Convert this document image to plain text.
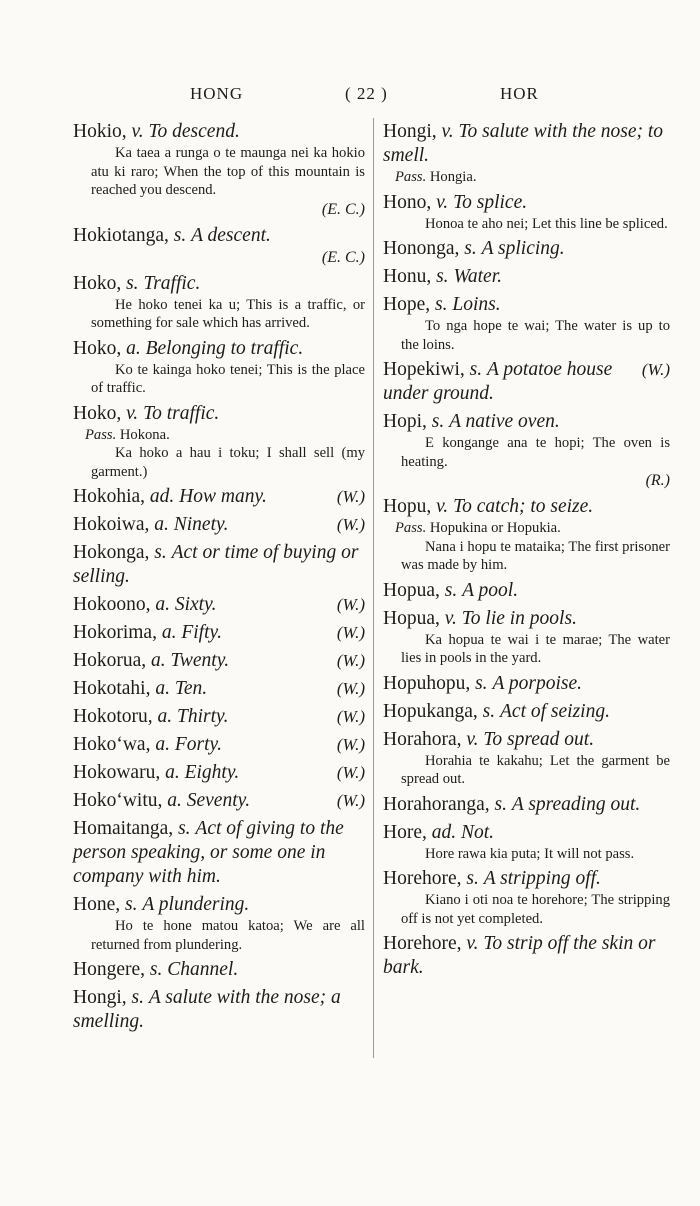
HONG	( 22 )	HOR
Hokio, v. To descend.
Ka taea a runga o te maunga nei ka hokio atu ki raro; When the top of this mountain is reached you descend.
(E. C.)
Hokiotanga, s. A descent.
(E. C.)
Hoko, s. Traffic.
He hoko tenei ka u; This is a traffic, or something for sale which has arrived.
Hoko, a. Belonging to traffic.
Ko te kainga hoko tenei; This is the place of traffic.
Hoko, v. To traffic.
Pass. Hokona.
Ka hoko a hau i toku; I shall sell (my garment.)
(W.)
Hokohia, ad. How many.
(W.)
Hokoiwa, a. Ninety.
Hokonga, s. Act or time of buying or selling.
(W.)
Hokoono, a. Sixty.
(W.)
Hokorima, a. Fifty.
(W.)
Hokorua, a. Twenty.
(W.)
Hokotahi, a. Ten.
(W.)
Hokotoru, a. Thirty.
(W.)
Hoko‘wa, a. Forty.
(W.)
Hokowaru, a. Eighty.
(W.)
Hoko‘witu, a. Seventy.
Homaitanga, s. Act of giving to the person speaking, or some one in company with him.
Hone, s. A plundering.
Ho te hone matou katoa; We are all returned from plundering.
Hongere, s. Channel.
Hongi, s. A salute with the nose; a smelling.
Hongi, v. To salute with the nose; to smell.
Pass. Hongia.
Hono, v. To splice.
Honoa te aho nei; Let this line be spliced.
Hononga, s. A splicing.
Honu, s. Water.
Hope, s. Loins.
To nga hope te wai; The water is up to the loins.
(W.)
Hopekiwi, s. A potatoe house under ground.
Hopi, s. A native oven.
E kongange ana te hopi; The oven is heating.
(R.)
Hopu, v. To catch; to seize.
Pass. Hopukina or Hopukia.
Nana i hopu te mataika; The first prisoner was made by him.
Hopua, s. A pool.
Hopua, v. To lie in pools.
Ka hopua te wai i te marae; The water lies in pools in the yard.
Hopuhopu, s. A porpoise.
Hopukanga, s. Act of seizing.
Horahora, v. To spread out.
Horahia te kakahu; Let the garment be spread out.
Horahoranga, s. A spreading out.
Hore, ad. Not.
Hore rawa kia puta; It will not pass.
Horehore, s. A stripping off.
Kiano i oti noa te horehore; The stripping off is not yet completed.
Horehore, v. To strip off the skin or bark.
